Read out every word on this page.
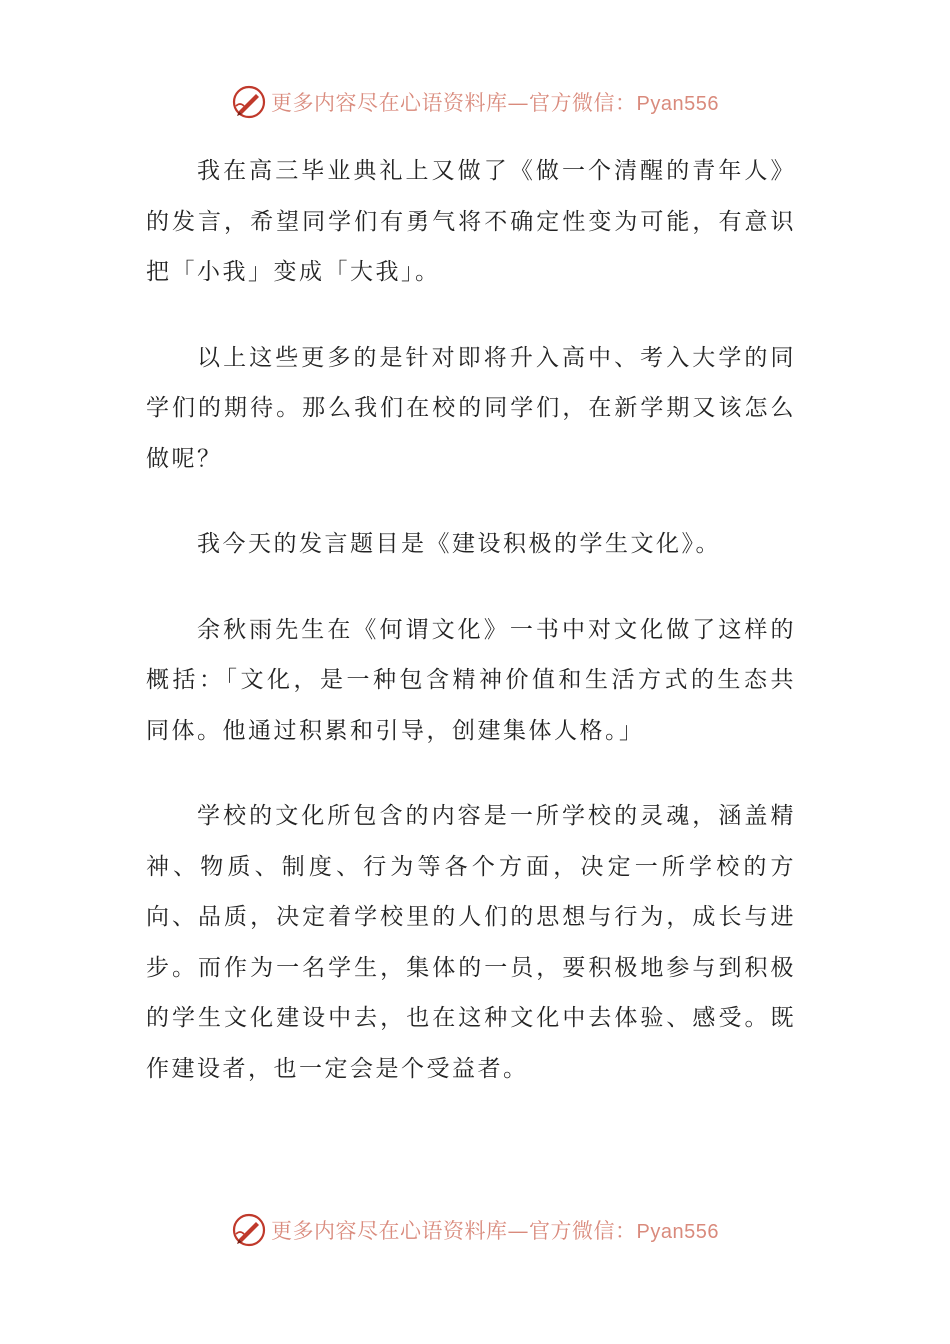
更多内容尽在心语资料库—官方微信：Pyan556

我在高三毕业典礼上又做了《做一个清醒的青年人》的发言，希望同学们有勇气将不确定性变为可能，有意识把「小我」变成「大我」。

以上这些更多的是针对即将升入高中、考入大学的同学们的期待。那么我们在校的同学们，在新学期又该怎么做呢？

我今天的发言题目是《建设积极的学生文化》。

余秋雨先生在《何谓文化》一书中对文化做了这样的概括：「文化，是一种包含精神价值和生活方式的生态共同体。他通过积累和引导，创建集体人格。」

学校的文化所包含的内容是一所学校的灵魂，涵盖精神、物质、制度、行为等各个方面，决定一所学校的方向、品质，决定着学校里的人们的思想与行为，成长与进步。而作为一名学生，集体的一员，要积极地参与到积极的学生文化建设中去，也在这种文化中去体验、感受。既作建设者，也一定会是个受益者。

更多内容尽在心语资料库—官方微信：Pyan556
